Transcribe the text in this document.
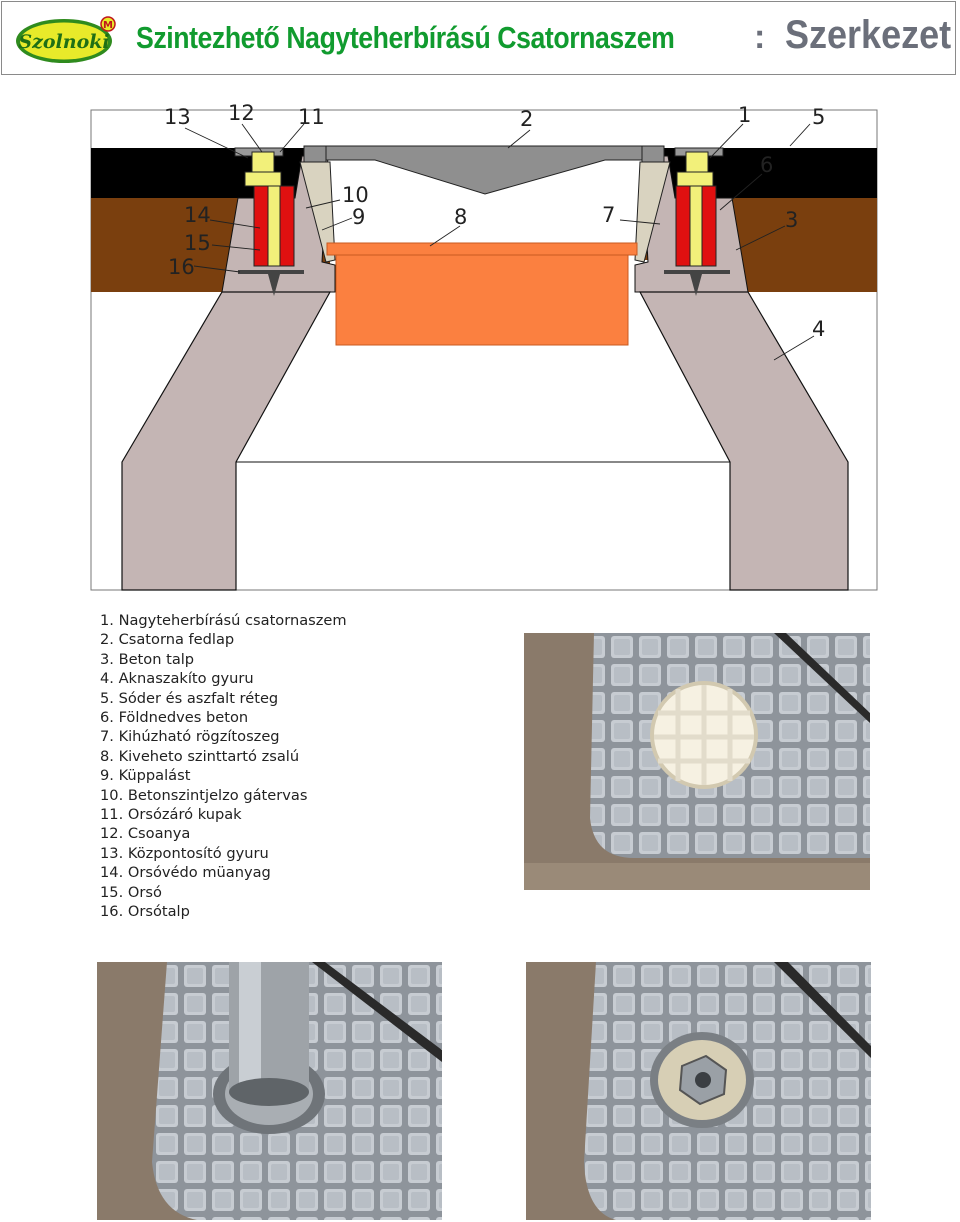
Szolnoki
M Szintezhető Nagyteherbírású Csatornaszem : Szerkezet
13 12 11	2	1	5
6
10
9	8	7	3
14
15
16
4
1. Nagyteherbírású csatornaszem
2. Csatorna fedlap
3. Beton talp
4. Aknaszakíto gyuru
5. Sóder és aszfalt réteg
6. Földnedves beton
7. Kihúzható rögzítoszeg
8. Kiveheto szinttartó zsalú
9. Küppalást
10. Betonszintjelzo gátervas
11. Orsózáró kupak
12. Csoanya
13. Központosító gyuru
14. Orsóvédo müanyag
15. Orsó
16. Orsótalp
